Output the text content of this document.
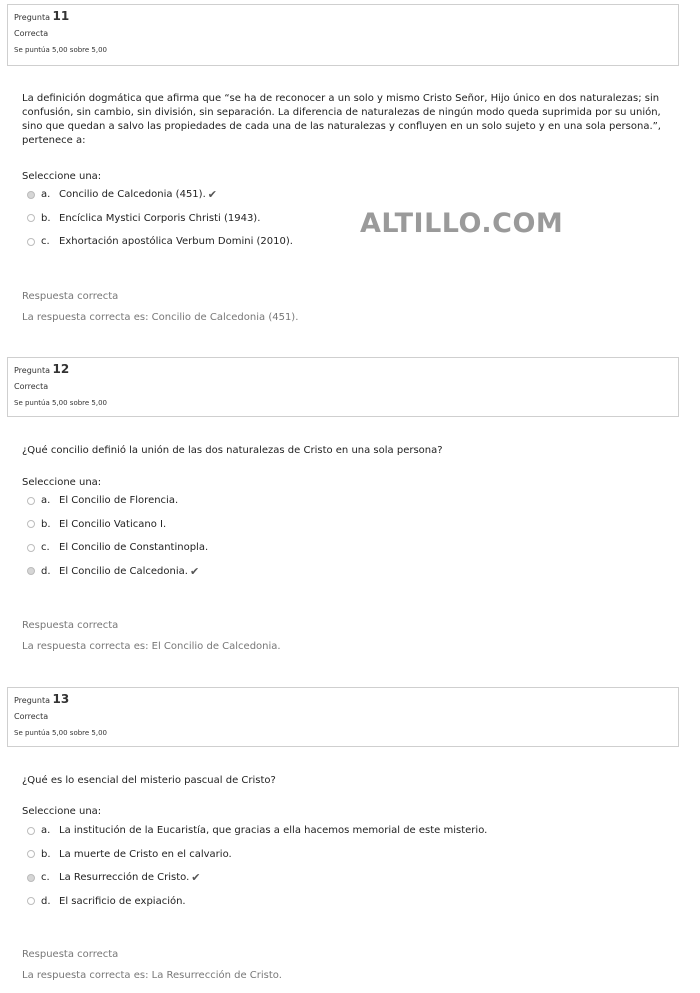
Pregunta 11
Correcta
Se puntúa 5,00 sobre 5,00
La definición dogmática que afirma que “se ha de reconocer a un solo y mismo Cristo Señor, Hijo único en dos naturalezas; sin confusión, sin cambio, sin división, sin separación. La diferencia de naturalezas de ningún modo queda suprimida por su unión, sino que quedan a salvo las propiedades de cada una de las naturalezas y confluyen en un solo sujeto y en una sola persona.”, pertenece a:
Seleccione una:
a. Concilio de Calcedonia (451). ✔
b. Encíclica Mystici Corporis Christi (1943).
c. Exhortación apostólica Verbum Domini (2010).
Respuesta correcta
La respuesta correcta es: Concilio de Calcedonia (451).
ALTILLO.COM
Pregunta 12
Correcta
Se puntúa 5,00 sobre 5,00
¿Qué concilio definió la unión de las dos naturalezas de Cristo en una sola persona?
Seleccione una:
a. El Concilio de Florencia.
b. El Concilio Vaticano I.
c. El Concilio de Constantinopla.
d. El Concilio de Calcedonia. ✔
Respuesta correcta
La respuesta correcta es: El Concilio de Calcedonia.
Pregunta 13
Correcta
Se puntúa 5,00 sobre 5,00
¿Qué es lo esencial del misterio pascual de Cristo?
Seleccione una:
a. La institución de la Eucaristía, que gracias a ella hacemos memorial de este misterio.
b. La muerte de Cristo en el calvario.
c. La Resurrección de Cristo. ✔
d. El sacrificio de expiación.
Respuesta correcta
La respuesta correcta es: La Resurrección de Cristo.
